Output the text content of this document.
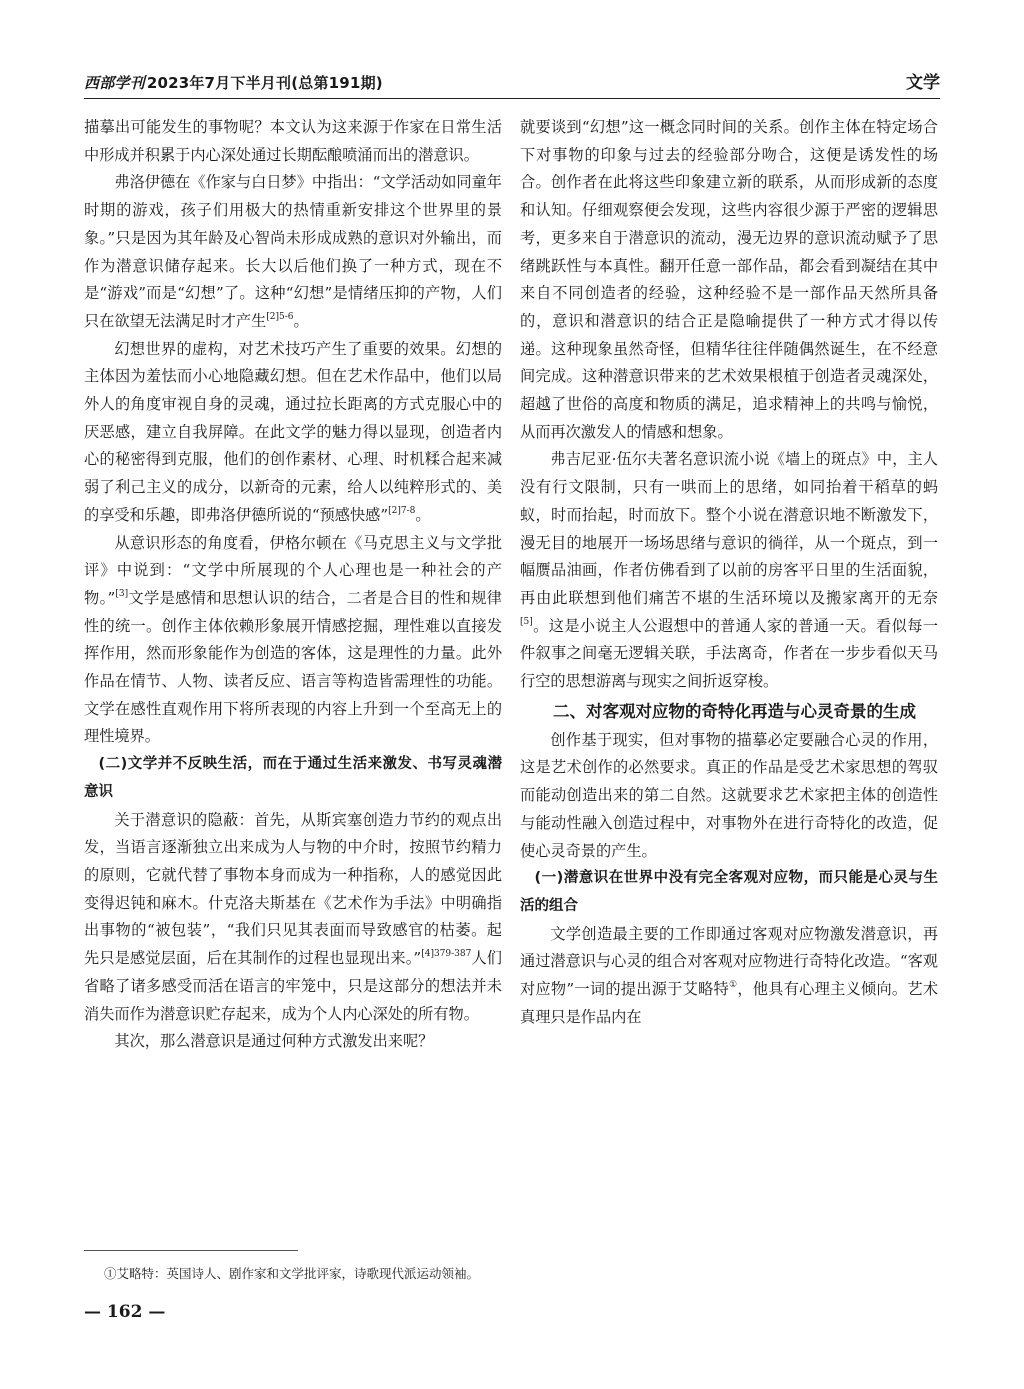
西部学刊 2023年7月下半月刊(总第191期)	文学

描摹出可能发生的事物呢？本文认为这来源于作家在日常生活中形成并积累于内心深处通过长期酝酿喷涌而出的潜意识。

弗洛伊德在《作家与白日梦》中指出：“文学活动如同童年时期的游戏，孩子们用极大的热情重新安排这个世界里的景象。”只是因为其年龄及心智尚未形成成熟的意识对外输出，而作为潜意识储存起来。长大以后他们换了一种方式，现在不是“游戏”而是“幻想”了。这种“幻想”是情绪压抑的产物，人们只在欲望无法满足时才产生$^{[2]5-6}$。

幻想世界的虚构，对艺术技巧产生了重要的效果。幻想的主体因为羞怯而小心地隐藏幻想。但在艺术作品中，他们以局外人的角度审视自身的灵魂，通过拉长距离的方式克服心中的厌恶感，建立自我屏障。在此文学的魅力得以显现，创造者内心的秘密得到克服，他们的创作素材、心理、时机糅合起来减弱了利己主义的成分，以新奇的元素，给人以纯粹形式的、美的享受和乐趣，即弗洛伊德所说的“预感快感”$^{[2]7-8}$。

从意识形态的角度看，伊格尔顿在《马克思主义与文学批评》中说到：“文学中所展现的个人心理也是一种社会的产物。”[3]文学是感情和思想认识的结合，二者是合目的性和规律性的统一。创作主体依赖形象展开情感挖掘，理性难以直接发挥作用，然而形象能作为创造的客体，这是理性的力量。此外作品在情节、人物、读者反应、语言等构造皆需理性的功能。文学在感性直观作用下将所表现的内容上升到一个至高无上的理性境界。

(二)文学并不反映生活，而在于通过生活来激发、书写灵魂潜意识

关于潜意识的隐蔽：首先，从斯宾塞创造力节约的观点出发，当语言逐渐独立出来成为人与物的中介时，按照节约精力的原则，它就代替了事物本身而成为一种指称，人的感觉因此变得迟钝和麻木。什克洛夫斯基在《艺术作为手法》中明确指出事物的“被包装”，“我们只见其表面而导致感官的枯萎。起先只是感觉层面，后在其制作的过程也显现出来。”$^{[4]379-387}$人们省略了诸多感受而活在语言的牢笼中，只是这部分的想法并未消失而作为潜意识贮存起来，成为个人内心深处的所有物。

其次，那么潜意识是通过何种方式激发出来呢？

就要谈到“幻想”这一概念同时间的关系。创作主体在特定场合下对事物的印象与过去的经验部分吻合，这便是诱发性的场合。创作者在此将这些印象建立新的联系，从而形成新的态度和认知。仔细观察便会发现，这些内容很少源于严密的逻辑思考，更多来自于潜意识的流动，漫无边界的意识流动赋予了思绪跳跃性与本真性。翻开任意一部作品，都会看到凝结在其中来自不同创造者的经验，这种经验不是一部作品天然所具备的，意识和潜意识的结合正是隐喻提供了一种方式才得以传递。这种现象虽然奇怪，但精华往往伴随偶然诞生，在不经意间完成。这种潜意识带来的艺术效果根植于创造者灵魂深处，超越了世俗的高度和物质的满足，追求精神上的共鸣与愉悦，从而再次激发人的情感和想象。

弗吉尼亚·伍尔夫著名意识流小说《墙上的斑点》中，主人没有行文限制，只有一哄而上的思绪，如同抬着干稻草的蚂蚁，时而抬起，时而放下。整个小说在潜意识地不断激发下，漫无目的地展开一场场思绪与意识的徜徉，从一个斑点，到一幅赝品油画，作者仿佛看到了以前的房客平日里的生活面貌，再由此联想到他们痛苦不堪的生活环境以及搬家离开的无奈[5]。这是小说主人公遐想中的普通人家的普通一天。看似每一件叙事之间毫无逻辑关联，手法离奇，作者在一步步看似天马行空的思想游离与现实之间折返穿梭。

二、对客观对应物的奇特化再造与心灵奇景的生成

创作基于现实，但对事物的描摹必定要融合心灵的作用，这是艺术创作的必然要求。真正的作品是受艺术家思想的驾驭而能动创造出来的第二自然。这就要求艺术家把主体的创造性与能动性融入创造过程中，对事物外在进行奇特化的改造，促使心灵奇景的产生。

(一)潜意识在世界中没有完全客观对应物，而只能是心灵与生活的组合

文学创造最主要的工作即通过客观对应物激发潜意识，再通过潜意识与心灵的组合对客观对应物进行奇特化改造。“客观对应物”一词的提出源于艾略特①，他具有心理主义倾向。艺术真理只是作品内在

①艾略特：英国诗人、剧作家和文学批评家，诗歌现代派运动领袖。
— 162 —
